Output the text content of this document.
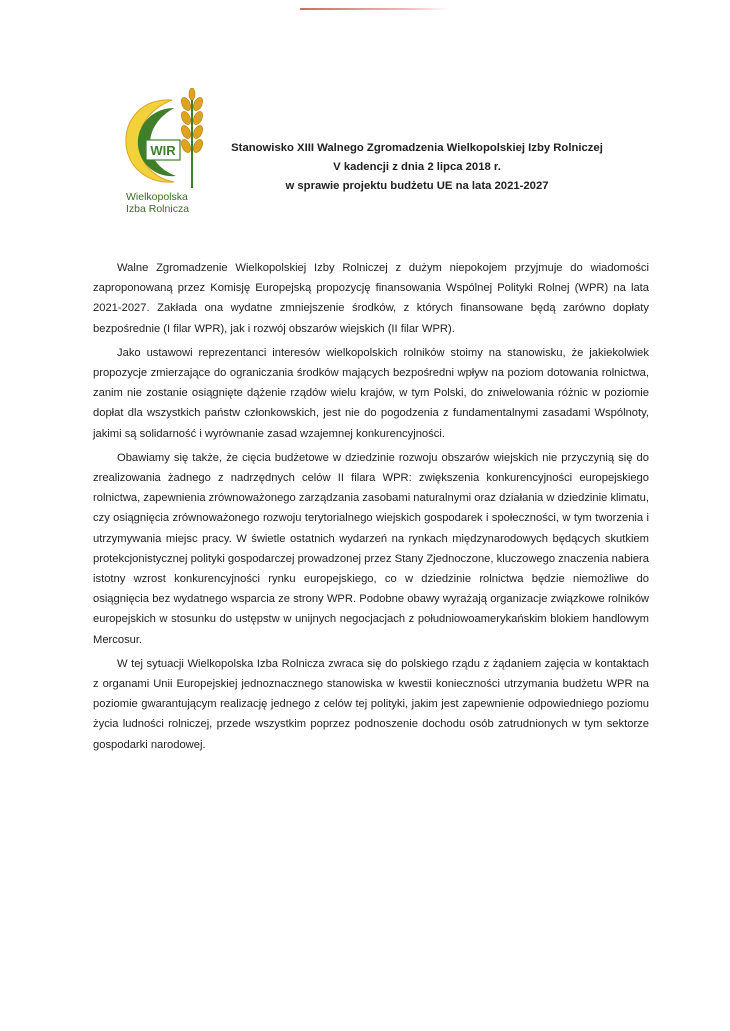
WIR
Wielkopolska
Izba Rolnicza
Stanowisko XIII Walnego Zgromadzenia Wielkopolskiej Izby Rolniczej
V kadencji z dnia 2 lipca 2018 r.
w sprawie projektu budżetu UE na lata 2021-2027

Walne Zgromadzenie Wielkopolskiej Izby Rolniczej z dużym niepokojem przyjmuje do wiadomości zaproponowaną przez Komisję Europejską propozycję finansowania Wspólnej Polityki Rolnej (WPR) na lata 2021-2027. Zakłada ona wydatne zmniejszenie środków, z których finansowane będą zarówno dopłaty bezpośrednie (I filar WPR), jak i rozwój obszarów wiejskich (II filar WPR).

Jako ustawowi reprezentanci interesów wielkopolskich rolników stoimy na stanowisku, że jakiekolwiek propozycje zmierzające do ograniczania środków mających bezpośredni wpływ na poziom dotowania rolnictwa, zanim nie zostanie osiągnięte dążenie rządów wielu krajów, w tym Polski, do zniwelowania różnic w poziomie dopłat dla wszystkich państw członkowskich, jest nie do pogodzenia z fundamentalnymi zasadami Wspólnoty, jakimi są solidarność i wyrównanie zasad wzajemnej konkurencyjności.

Obawiamy się także, że cięcia budżetowe w dziedzinie rozwoju obszarów wiejskich nie przyczynią się do zrealizowania żadnego z nadrzędnych celów II filara WPR: zwiększenia konkurencyjności europejskiego rolnictwa, zapewnienia zrównoważonego zarządzania zasobami naturalnymi oraz działania w dziedzinie klimatu, czy osiągnięcia zrównoważonego rozwoju terytorialnego wiejskich gospodarek i społeczności, w tym tworzenia i utrzymywania miejsc pracy. W świetle ostatnich wydarzeń na rynkach międzynarodowych będących skutkiem protekcjonistycznej polityki gospodarczej prowadzonej przez Stany Zjednoczone, kluczowego znaczenia nabiera istotny wzrost konkurencyjności rynku europejskiego, co w dziedzinie rolnictwa będzie niemożliwe do osiągnięcia bez wydatnego wsparcia ze strony WPR. Podobne obawy wyrażają organizacje związkowe rolników europejskich w stosunku do ustępstw w unijnych negocjacjach z południowoamerykańskim blokiem handlowym Mercosur.

W tej sytuacji Wielkopolska Izba Rolnicza zwraca się do polskiego rządu z żądaniem zajęcia w kontaktach z organami Unii Europejskiej jednoznacznego stanowiska w kwestii konieczności utrzymania budżetu WPR na poziomie gwarantującym realizację jednego z celów tej polityki, jakim jest zapewnienie odpowiedniego poziomu życia ludności rolniczej, przede wszystkim poprzez podnoszenie dochodu osób zatrudnionych w tym sektorze gospodarki narodowej.
